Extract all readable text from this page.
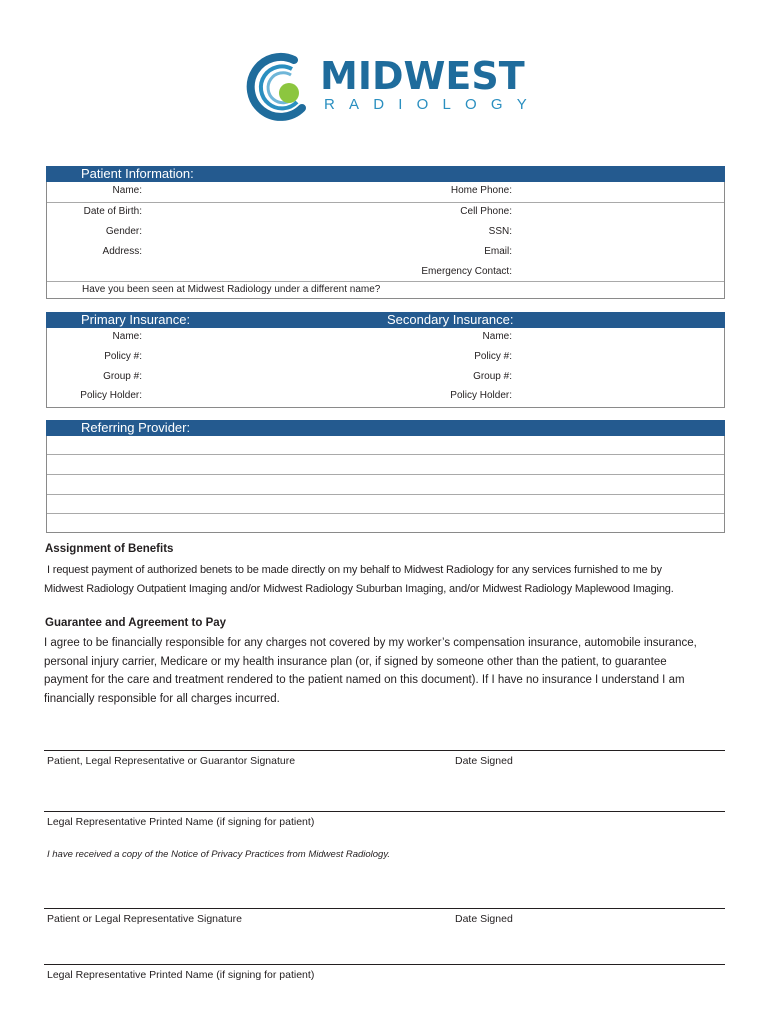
MIDWEST
RADIOLOGY
Patient Information:
Name:	Home Phone:
Date of Birth:	Cell Phone:
Gender:	SSN:
Address:	Email:
Emergency Contact:
Have you been seen at Midwest Radiology under a different name?
Primary Insurance:	Secondary Insurance:
Name:	Name:
Policy #:	Policy #:
Group #:	Group #:
Policy Holder:	Policy Holder:
Referring Provider:
Assignment of Benefits
I request payment of authorized benets to be made directly on my behalf to Midwest Radiology for any services furnished to me by
Midwest Radiology Outpatient Imaging and/or Midwest Radiology Suburban Imaging, and/or Midwest Radiology Maplewood Imaging.
Guarantee and Agreement to Pay
I agree to be financially responsible for any charges not covered by my worker’s compensation insurance, automobile insurance,
personal injury carrier, Medicare or my health insurance plan (or, if signed by someone other than the patient, to guarantee
payment for the care and treatment rendered to the patient named on this document). If I have no insurance I understand I am
financially responsible for all charges incurred.
Patient, Legal Representative or Guarantor Signature	Date Signed
Legal Representative Printed Name (if signing for patient)
I have received a copy of the Notice of Privacy Practices from Midwest Radiology.
Patient or Legal Representative Signature	Date Signed
Legal Representative Printed Name (if signing for patient)
